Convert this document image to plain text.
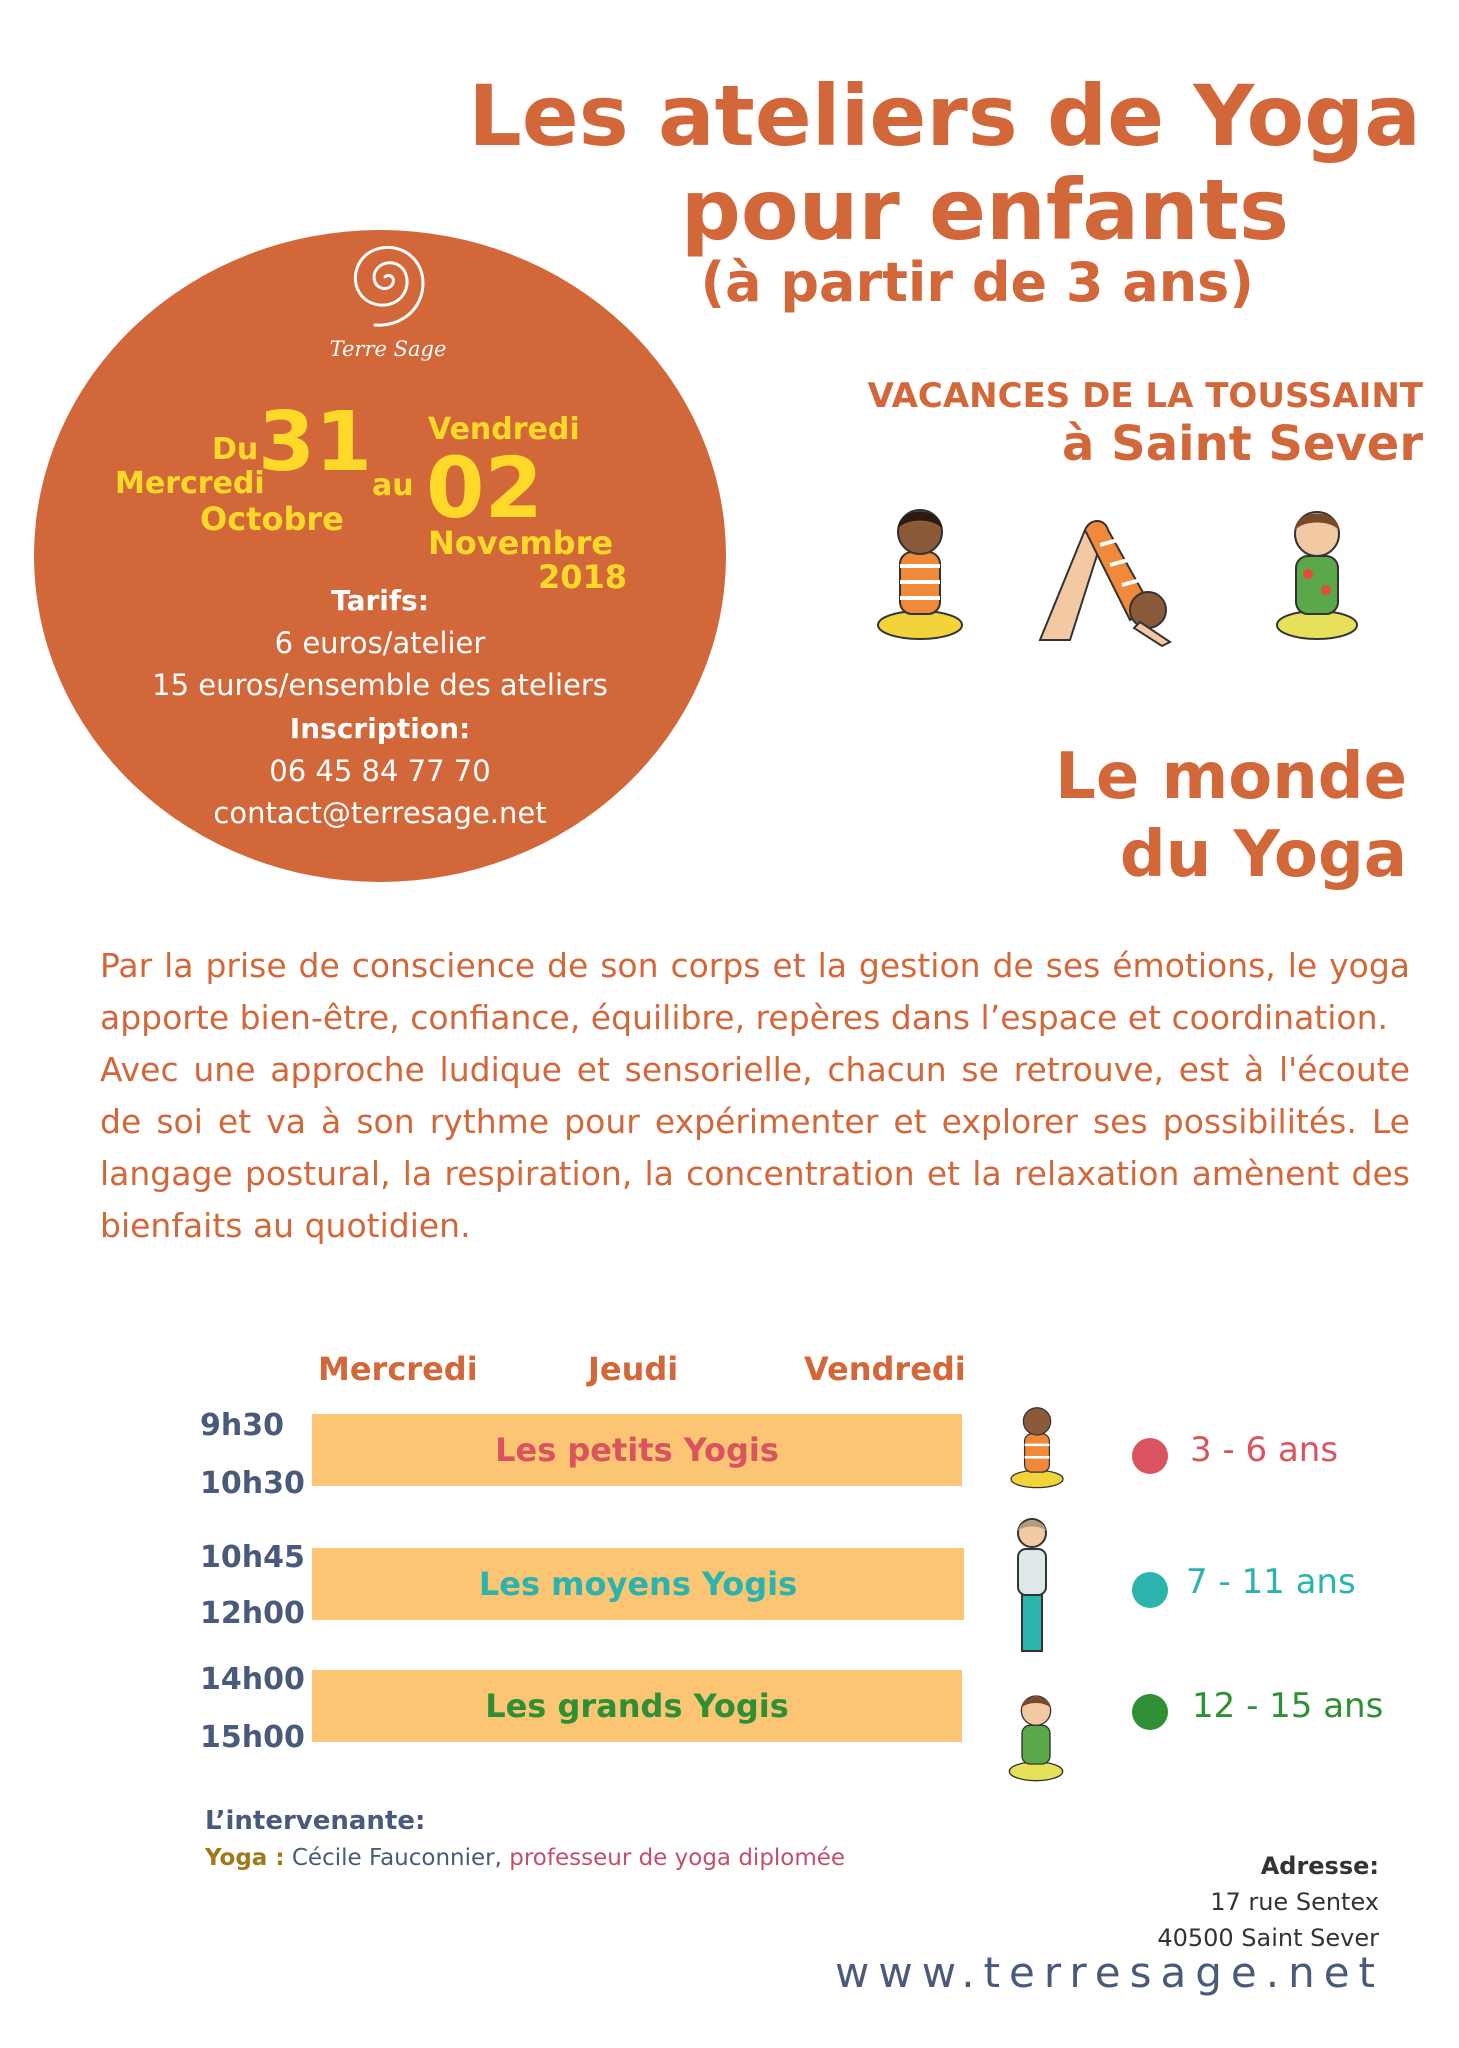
Les ateliers de Yoga
pour enfants
(à partir de 3 ans)
Terre Sage
Du
Mercredi
31
Octobre
au
Vendredi
02
Novembre
2018
Tarifs:
6 euros/atelier
15 euros/ensemble des ateliers
Inscription:
06 45 84 77 70
contact@terresage.net
VACANCES DE LA TOUSSAINT
à Saint Sever
Le monde
du Yoga

Par la prise de conscience de son corps et la gestion de ses émotions, le yoga apporte bien-être, confiance, équilibre, repères dans l’espace et coordination.

Avec une approche ludique et sensorielle, chacun se retrouve, est à l'écoute de soi et va à son rythme pour expérimenter et explorer ses possibilités. Le langage postural, la respiration, la concentration et la relaxation amènent des bienfaits au quotidien.

Mercredi	Jeudi	Vendredi
9h30
10h30
Les petits Yogis	3 - 6 ans
10h45
12h00
Les moyens Yogis	7 - 11 ans
14h00
15h00
Les grands Yogis	12 - 15 ans
L’intervenante:
Yoga : Cécile Fauconnier, professeur de yoga diplomée	Adresse:
17 rue Sentex
40500 Saint Sever
www.terresage.net
